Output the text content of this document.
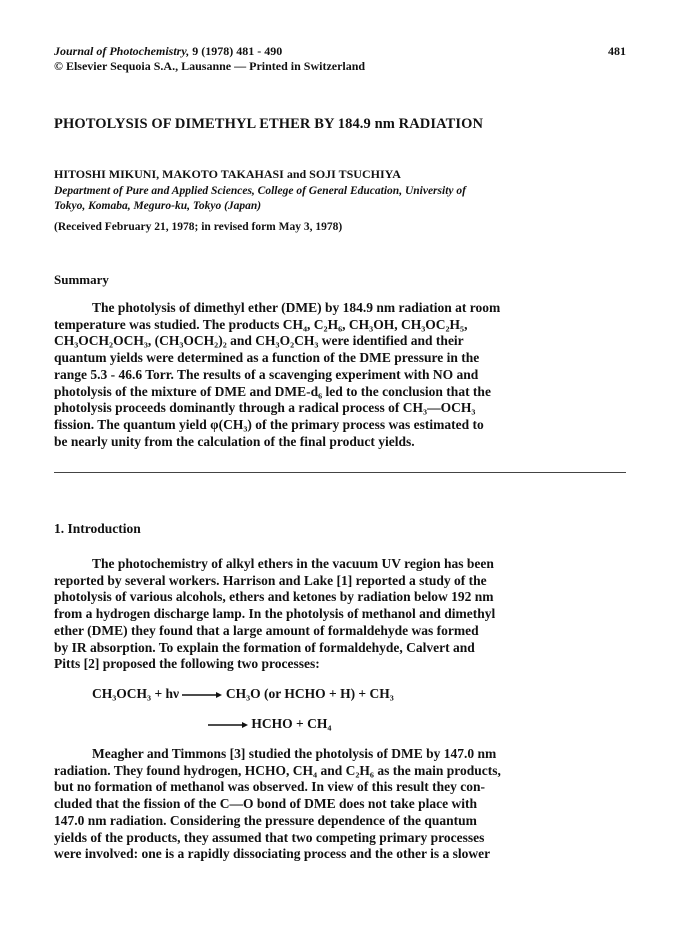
Journal of Photochemistry, 9 (1978) 481 - 490	481
© Elsevier Sequoia S.A., Lausanne — Printed in Switzerland
PHOTOLYSIS OF DIMETHYL ETHER BY 184.9 nm RADIATION
HITOSHI MIKUNI, MAKOTO TAKAHASI and SOJI TSUCHIYA
Department of Pure and Applied Sciences, College of General Education, University of
Tokyo, Komaba, Meguro-ku, Tokyo (Japan)
(Received February 21, 1978; in revised form May 3, 1978)
Summary
The photolysis of dimethyl ether (DME) by 184.9 nm radiation at room
temperature was studied. The products CH₄, C₂H₆, CH₃OH, CH₃OC₂H₅,
CH₃OCH₂OCH₃, (CH₃OCH₂)₂ and CH₃O₂CH₃ were identified and their
quantum yields were determined as a function of the DME pressure in the
range 5.3 - 46.6 Torr. The results of a scavenging experiment with NO and
photolysis of the mixture of DME and DME-d₆ led to the conclusion that the
photolysis proceeds dominantly through a radical process of CH₃—OCH₃
fission. The quantum yield φ(CH₃) of the primary process was estimated to
be nearly unity from the calculation of the final product yields.
1. Introduction
The photochemistry of alkyl ethers in the vacuum UV region has been
reported by several workers. Harrison and Lake [1] reported a study of the
photolysis of various alcohols, ethers and ketones by radiation below 192 nm
from a hydrogen discharge lamp. In the photolysis of methanol and dimethyl
ether (DME) they found that a large amount of formaldehyde was formed
by IR absorption. To explain the formation of formaldehyde, Calvert and
Pitts [2] proposed the following two processes:
CH₃OCH₃ + hν → CH₃O (or HCHO + H) + CH₃
→ HCHO + CH₄
Meagher and Timmons [3] studied the photolysis of DME by 147.0 nm
radiation. They found hydrogen, HCHO, CH₄ and C₂H₆ as the main products,
but no formation of methanol was observed. In view of this result they con-
cluded that the fission of the C—O bond of DME does not take place with
147.0 nm radiation. Considering the pressure dependence of the quantum
yields of the products, they assumed that two competing primary processes
were involved: one is a rapidly dissociating process and the other is a slower
